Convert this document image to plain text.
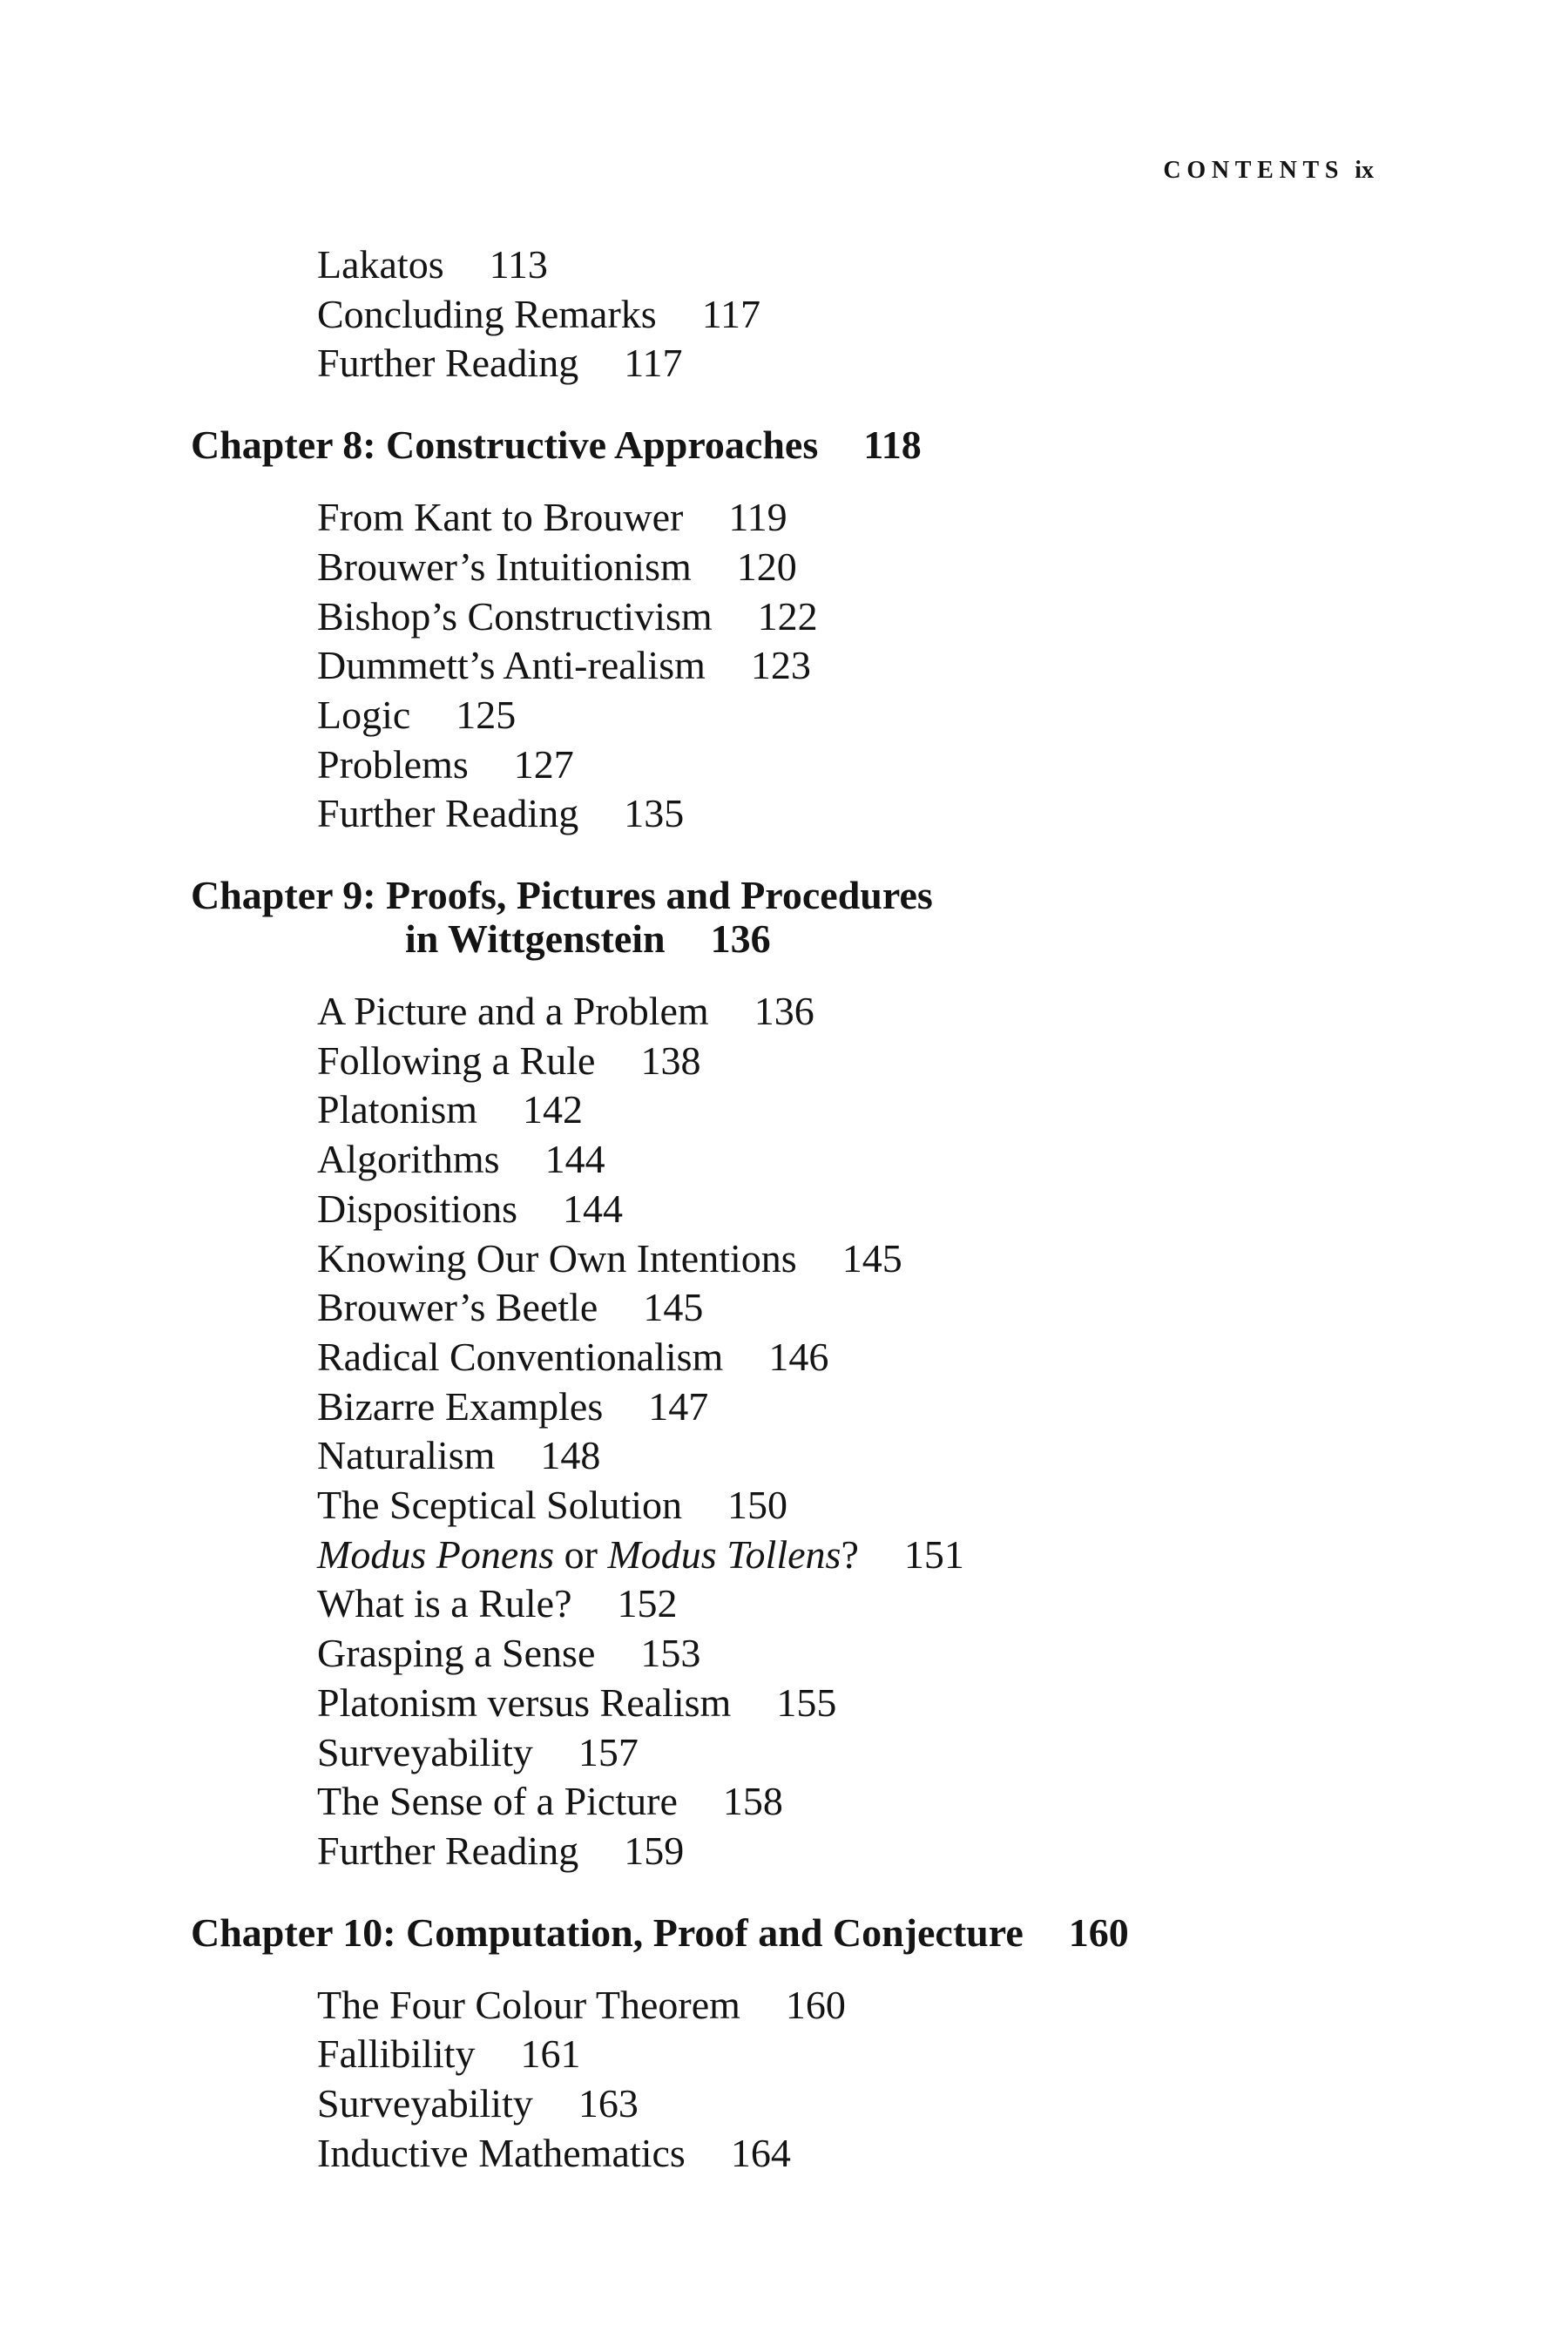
CONTENTS ix
Lakatos 113
Concluding Remarks 117
Further Reading 117
Chapter 8: Constructive Approaches 118
From Kant to Brouwer 119
Brouwer’s Intuitionism 120
Bishop’s Constructivism 122
Dummett’s Anti-realism 123
Logic 125
Problems 127
Further Reading 135
Chapter 9: Proofs, Pictures and Procedures
in Wittgenstein 136
A Picture and a Problem 136
Following a Rule 138
Platonism 142
Algorithms 144
Dispositions 144
Knowing Our Own Intentions 145
Brouwer’s Beetle 145
Radical Conventionalism 146
Bizarre Examples 147
Naturalism 148
The Sceptical Solution 150
Modus Ponens or Modus Tollens? 151
What is a Rule? 152
Grasping a Sense 153
Platonism versus Realism 155
Surveyability 157
The Sense of a Picture 158
Further Reading 159
Chapter 10: Computation, Proof and Conjecture 160
The Four Colour Theorem 160
Fallibility 161
Surveyability 163
Inductive Mathematics 164
